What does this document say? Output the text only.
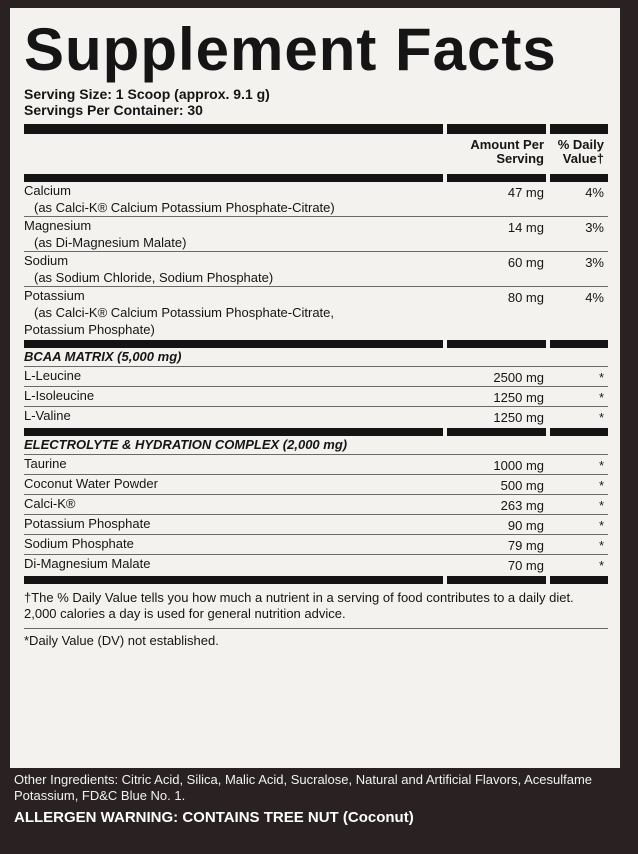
Supplement Facts
Serving Size: 1 Scoop (approx. 9.1 g)
Servings Per Container: 30
Amount Per
Serving
% Daily
Value†
Calcium
(as Calci-K® Calcium Potassium Phosphate-Citrate)
47 mg	4%
Magnesium
(as Di-Magnesium Malate)
14 mg	3%
Sodium
(as Sodium Chloride, Sodium Phosphate)
60 mg	3%
Potassium
(as Calci-K® Calcium Potassium Phosphate-Citrate,
Potassium Phosphate)
80 mg	4%
BCAA MATRIX (5,000 mg)
L-Leucine	2500 mg	*
L-Isoleucine	1250 mg	*
L-Valine	1250 mg	*
ELECTROLYTE & HYDRATION COMPLEX (2,000 mg)
Taurine	1000 mg	*
Coconut Water Powder	500 mg	*
Calci-K®	263 mg	*
Potassium Phosphate	90 mg	*
Sodium Phosphate	79 mg	*
Di-Magnesium Malate	70 mg	*
†The % Daily Value tells you how much a nutrient in a serving of food contributes to a daily diet. 2,000 calories a day is used for general nutrition advice.
*Daily Value (DV) not established.
Other Ingredients: Citric Acid, Silica, Malic Acid, Sucralose, Natural and Artificial Flavors, Acesulfame Potassium, FD&C Blue No. 1.
ALLERGEN WARNING: CONTAINS TREE NUT (Coconut)
